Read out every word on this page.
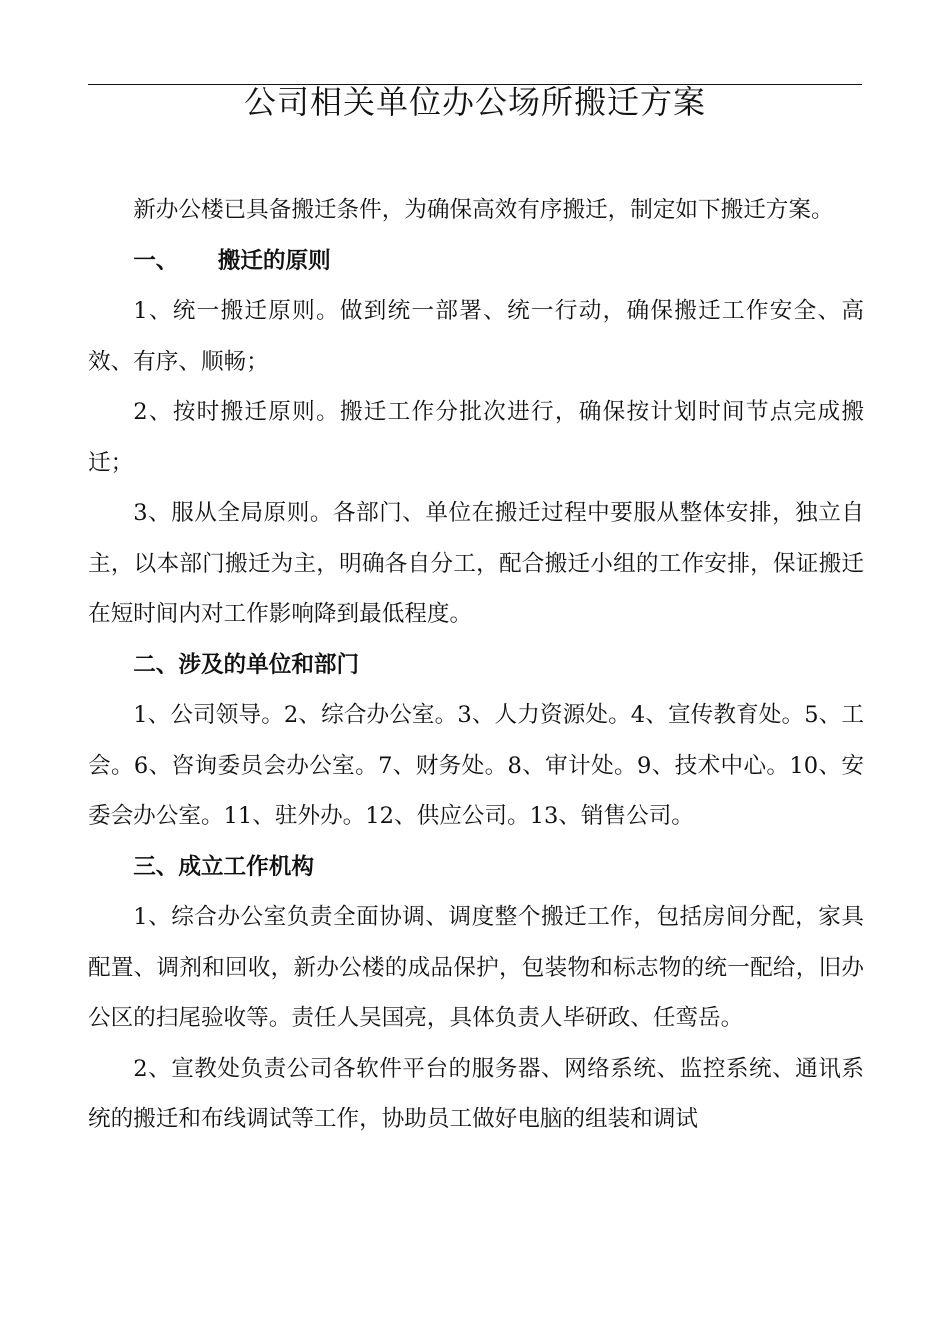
公司相关单位办公场所搬迁方案

新办公楼已具备搬迁条件，为确保高效有序搬迁，制定如下搬迁方案。

一、 搬迁的原则

1、统一搬迁原则。做到统一部署、统一行动，确保搬迁工作安全、高效、有序、顺畅；

2、按时搬迁原则。搬迁工作分批次进行，确保按计划时间节点完成搬迁；

3、服从全局原则。各部门、单位在搬迁过程中要服从整体安排，独立自主，以本部门搬迁为主，明确各自分工，配合搬迁小组的工作安排，保证搬迁在短时间内对工作影响降到最低程度。

二、涉及的单位和部门

1、公司领导。2、综合办公室。3、人力资源处。4、宣传教育处。5、工会。6、咨询委员会办公室。7、财务处。8、审计处。9、技术中心。10、安委会办公室。11、驻外办。12、供应公司。13、销售公司。

三、成立工作机构

1、综合办公室负责全面协调、调度整个搬迁工作，包括房间分配，家具配置、调剂和回收，新办公楼的成品保护，包装物和标志物的统一配给，旧办公区的扫尾验收等。责任人吴国亮，具体负责人毕研政、任鸾岳。

2、宣教处负责公司各软件平台的服务器、网络系统、监控系统、通讯系统的搬迁和布线调试等工作，协助员工做好电脑的组装和调试
